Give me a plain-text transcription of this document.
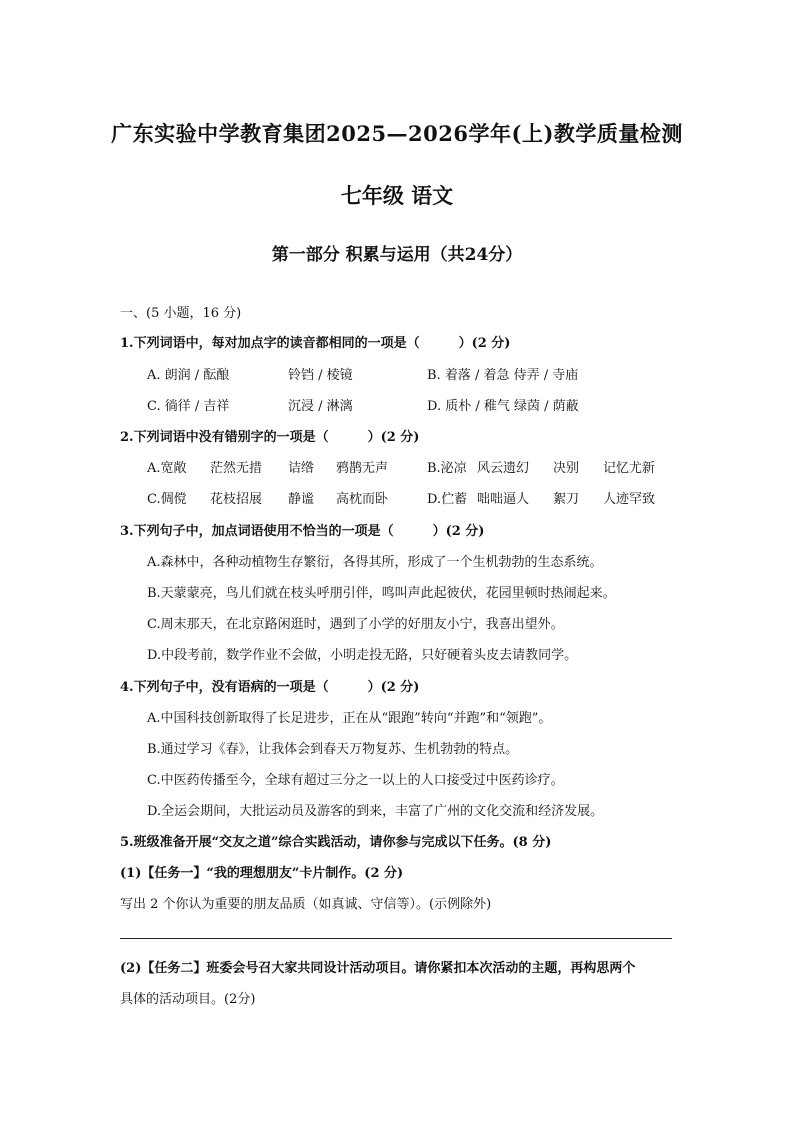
广东实验中学教育集团2025—2026学年(上)教学质量检测
七年级 语文
第一部分 积累与运用（共24分）
一、(5 小题，16 分)
1.下列词语中，每对加点字的读音都相同的一项是（　　　）(2 分)
A. 朗润 / 酝酿	铃铛 / 棱镜	B. 着落 / 着急 侍弄 / 寺庙
C. 徜徉 / 吉祥	沉浸 / 淋漓	D. 质朴 / 稚气 绿茵 / 荫蔽
2.下列词语中没有错别字的一项是（　　　）(2 分)
A.宽敞 茫然无措 诘绺 鸦鹊无声	B.泌凉 风云遗幻 决别 记忆尤新
C.倜傥 花枝招展 静谧 高枕而卧	D.伫蓄 咄咄逼人 絮刀 人迹罕致
3.下列句子中，加点词语使用不恰当的一项是（　　　）(2 分)
A.森林中，各种动植物生存繁衍，各得其所，形成了一个生机勃勃的生态系统。
B.天蒙蒙亮，鸟儿们就在枝头呼朋引伴，鸣叫声此起彼伏，花园里顿时热闹起来。
C.周末那天，在北京路闲逛时，遇到了小学的好朋友小宁，我喜出望外。
D.中段考前，数学作业不会做，小明走投无路，只好硬着头皮去请教同学。
4.下列句子中，没有语病的一项是（　　　）(2 分)
A.中国科技创新取得了长足进步，正在从“跟跑”转向“并跑”和“领跑”。
B.通过学习《春》，让我体会到春天万物复苏、生机勃勃的特点。
C.中医药传播至今，全球有超过三分之一以上的人口接受过中医药诊疗。
D.全运会期间，大批运动员及游客的到来，丰富了广州的文化交流和经济发展。
5.班级准备开展“交友之道”综合实践活动，请你参与完成以下任务。(8 分)
(1)【任务一】“我的理想朋友”卡片制作。(2 分)
写出 2 个你认为重要的朋友品质（如真诚、守信等）。(示例除外)
(2)【任务二】班委会号召大家共同设计活动项目。请你紧扣本次活动的主题，再构思两个
具体的活动项目。(2分)
